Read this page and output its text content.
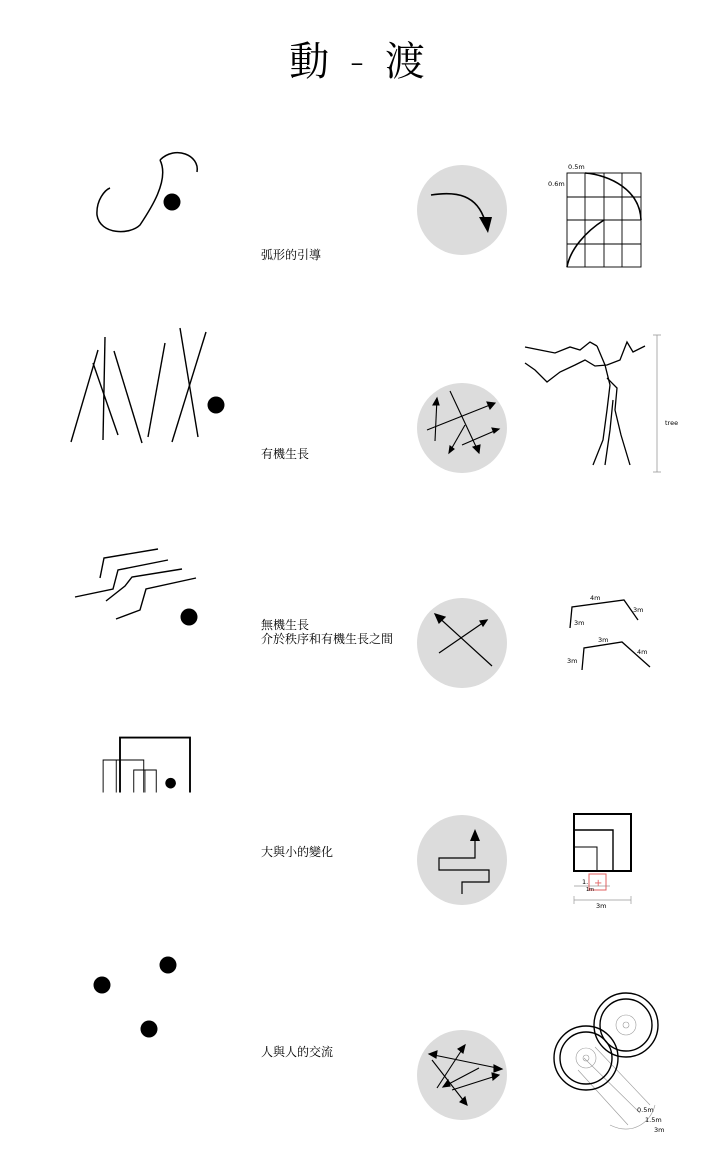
動 - 渡
弧形的引導
0.5m
0.6m
有機生長
tree
無機生長
介於秩序和有機生長之間
4m
3m
3m
3m
3m
4m
大與小的變化
+
1.
1m
3m
人與人的交流
0.5m
1.5m
3m
